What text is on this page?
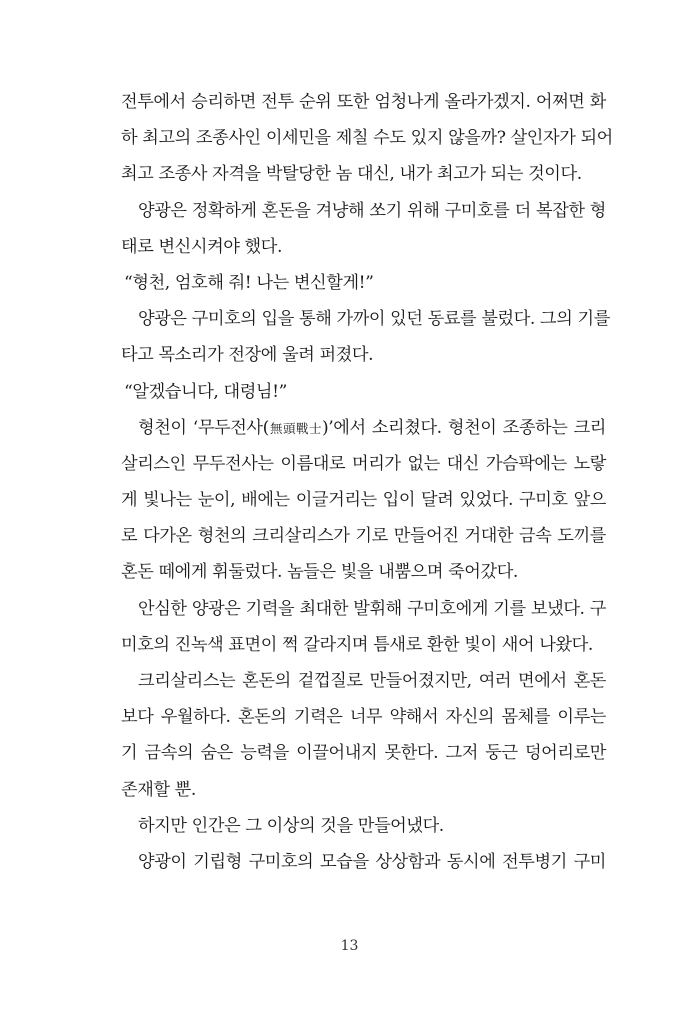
전투에서 승리하면 전투 순위 또한 엄청나게 올라가겠지. 어쩌면 화
하 최고의 조종사인 이세민을 제칠 수도 있지 않을까? 살인자가 되어
최고 조종사 자격을 박탈당한 놈 대신, 내가 최고가 되는 것이다.
양광은 정확하게 혼돈을 겨냥해 쏘기 위해 구미호를 더 복잡한 형
태로 변신시켜야 했다.
“형천, 엄호해 줘! 나는 변신할게!”
양광은 구미호의 입을 통해 가까이 있던 동료를 불렀다. 그의 기를
타고 목소리가 전장에 울려 퍼졌다.
“알겠습니다, 대령님!”
형천이 ‘무두전사(無頭戰士)’에서 소리쳤다. 형천이 조종하는 크리
살리스인 무두전사는 이름대로 머리가 없는 대신 가슴팍에는 노랗
게 빛나는 눈이, 배에는 이글거리는 입이 달려 있었다. 구미호 앞으
로 다가온 형천의 크리살리스가 기로 만들어진 거대한 금속 도끼를
혼돈 떼에게 휘둘렀다. 놈들은 빛을 내뿜으며 죽어갔다.
안심한 양광은 기력을 최대한 발휘해 구미호에게 기를 보냈다. 구
미호의 진녹색 표면이 쩍 갈라지며 틈새로 환한 빛이 새어 나왔다.
크리살리스는 혼돈의 겉껍질로 만들어졌지만, 여러 면에서 혼돈
보다 우월하다. 혼돈의 기력은 너무 약해서 자신의 몸체를 이루는
기 금속의 숨은 능력을 이끌어내지 못한다. 그저 둥근 덩어리로만
존재할 뿐.
하지만 인간은 그 이상의 것을 만들어냈다.
양광이 기립형 구미호의 모습을 상상함과 동시에 전투병기 구미
13
